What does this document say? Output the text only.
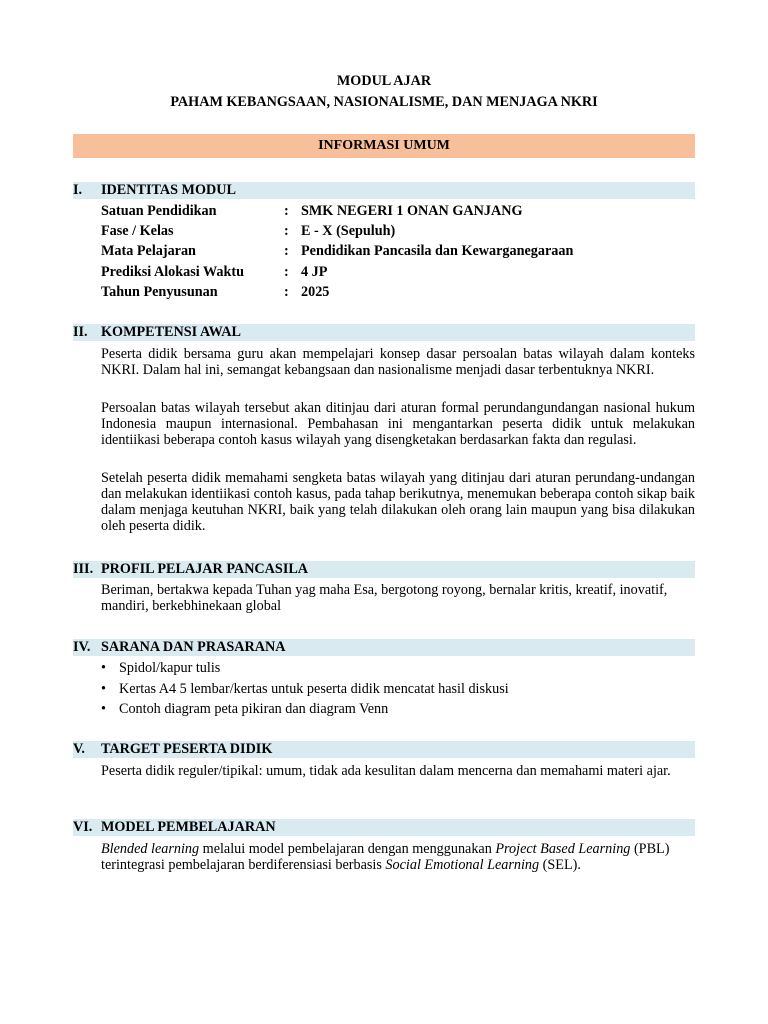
MODUL AJAR
PAHAM KEBANGSAAN, NASIONALISME, DAN MENJAGA NKRI
INFORMASI UMUM
I. IDENTITAS MODUL
Satuan Pendidikan	: SMK NEGERI 1 ONAN GANJANG
Fase / Kelas	: E - X (Sepuluh)
Mata Pelajaran	: Pendidikan Pancasila dan Kewarganegaraan
Prediksi Alokasi Waktu	: 4 JP
Tahun Penyusunan	: 2025
II. KOMPETENSI AWAL

Peserta didik bersama guru akan mempelajari konsep dasar persoalan batas wilayah dalam konteks NKRI. Dalam hal ini, semangat kebangsaan dan nasionalisme menjadi dasar terbentuknya NKRI.

Persoalan batas wilayah tersebut akan ditinjau dari aturan formal perundangundangan nasional hukum Indonesia maupun internasional. Pembahasan ini mengantarkan peserta didik untuk melakukan identiikasi beberapa contoh kasus wilayah yang disengketakan berdasarkan fakta dan regulasi.

Setelah peserta didik memahami sengketa batas wilayah yang ditinjau dari aturan perundang-undangan dan melakukan identiikasi contoh kasus, pada tahap berikutnya, menemukan beberapa contoh sikap baik dalam menjaga keutuhan NKRI, baik yang telah dilakukan oleh orang lain maupun yang bisa dilakukan oleh peserta didik.

III. PROFIL PELAJAR PANCASILA

Beriman, bertakwa kepada Tuhan yag maha Esa, bergotong royong, bernalar kritis, kreatif, inovatif, mandiri, berkebhinekaan global

IV. SARANA DAN PRASARANA
• Spidol/kapur tulis
• Kertas A4 5 lembar/kertas untuk peserta didik mencatat hasil diskusi
• Contoh diagram peta pikiran dan diagram Venn
V. TARGET PESERTA DIDIK

Peserta didik reguler/tipikal: umum, tidak ada kesulitan dalam mencerna dan memahami materi ajar.

VI. MODEL PEMBELAJARAN

Blended learning melalui model pembelajaran dengan menggunakan Project Based Learning (PBL) terintegrasi pembelajaran berdiferensiasi berbasis Social Emotional Learning (SEL).
